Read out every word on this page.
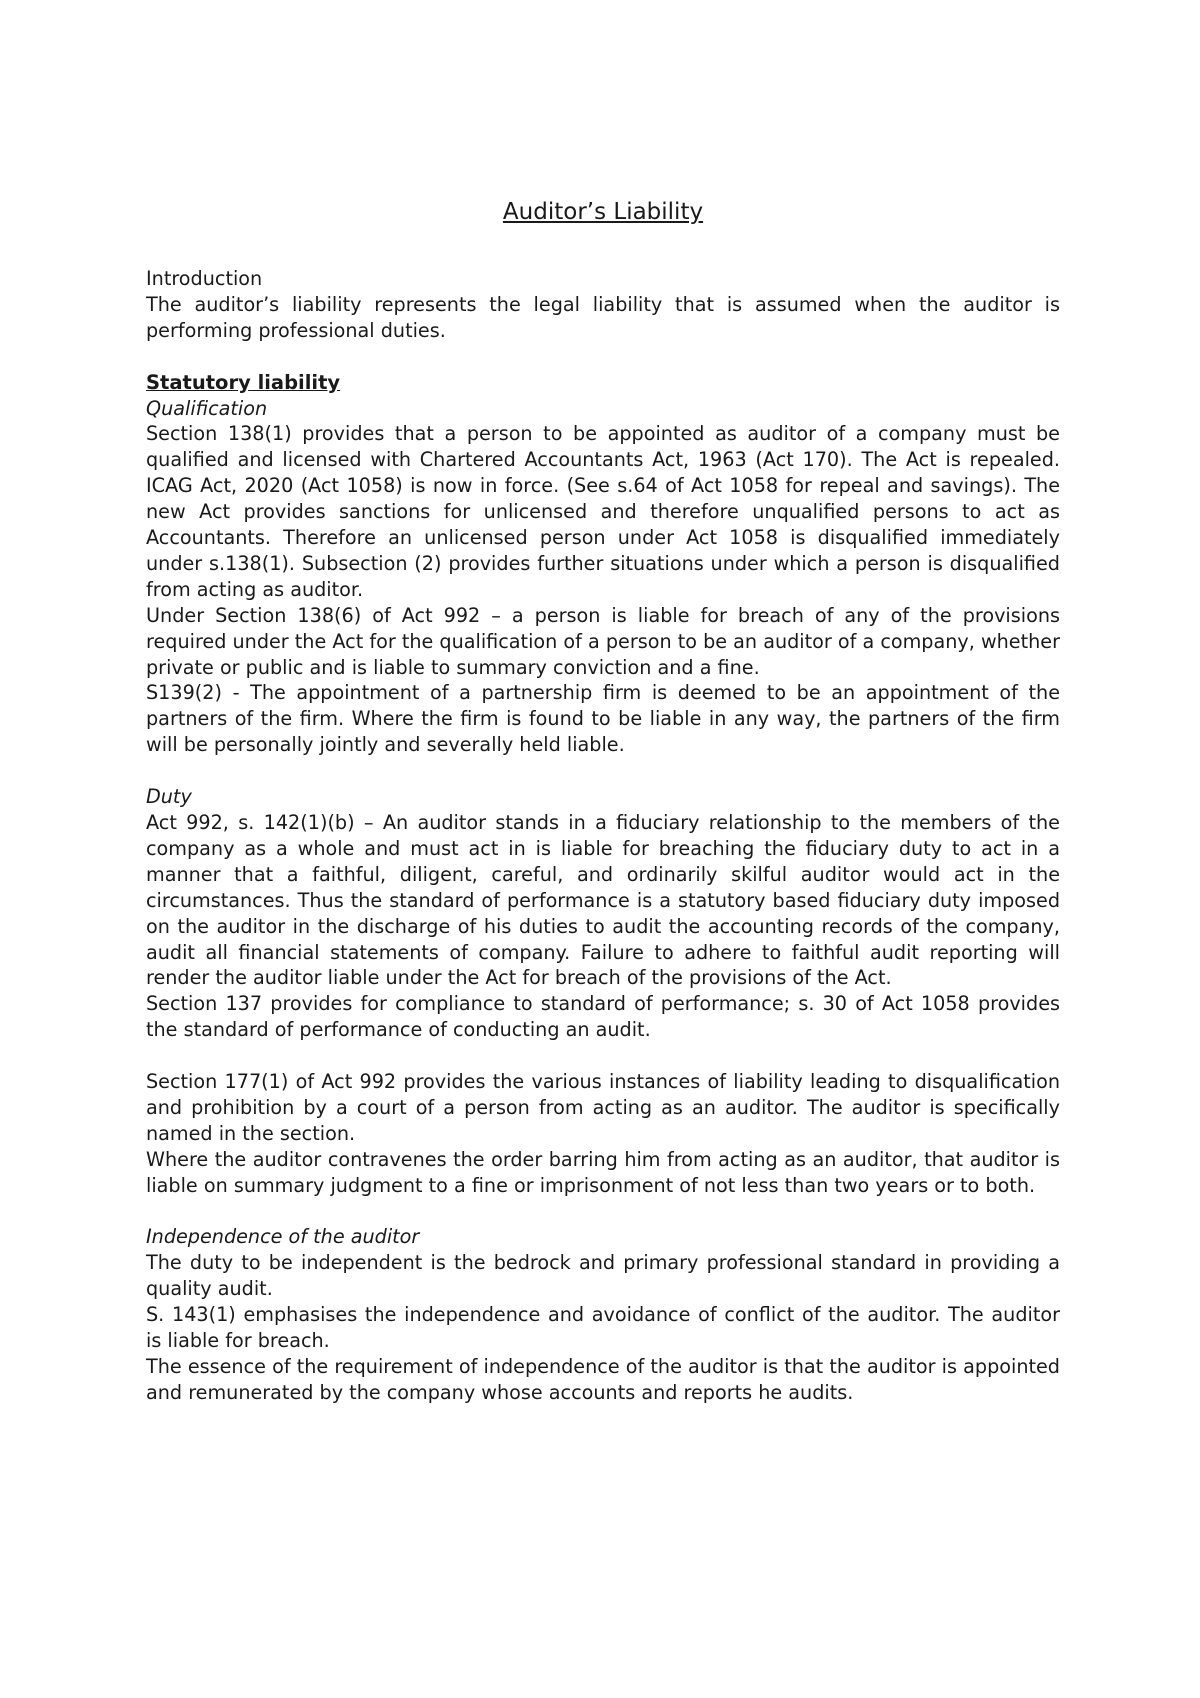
Auditor’s Liability

Introduction

The auditor’s liability represents the legal liability that is assumed when the auditor is performing professional duties.

Statutory liability

Qualification

Section 138(1) provides that a person to be appointed as auditor of a company must be qualified and licensed with Chartered Accountants Act, 1963 (Act 170). The Act is repealed. ICAG Act, 2020 (Act 1058) is now in force. (See s.64 of Act 1058 for repeal and savings). The new Act provides sanctions for unlicensed and therefore unqualified persons to act as Accountants. Therefore an unlicensed person under Act 1058 is disqualified immediately under s.138(1). Subsection (2) provides further situations under which a person is disqualified from acting as auditor.

Under Section 138(6) of Act 992 – a person is liable for breach of any of the provisions required under the Act for the qualification of a person to be an auditor of a company, whether private or public and is liable to summary conviction and a fine.

S139(2) - The appointment of a partnership firm is deemed to be an appointment of the partners of the firm. Where the firm is found to be liable in any way, the partners of the firm will be personally jointly and severally held liable.

Duty

Act 992, s. 142(1)(b) – An auditor stands in a fiduciary relationship to the members of the company as a whole and must act in is liable for breaching the fiduciary duty to act in a manner that a faithful, diligent, careful, and ordinarily skilful auditor would act in the circumstances. Thus the standard of performance is a statutory based fiduciary duty imposed on the auditor in the discharge of his duties to audit the accounting records of the company, audit all financial statements of company. Failure to adhere to faithful audit reporting will render the auditor liable under the Act for breach of the provisions of the Act.

Section 137 provides for compliance to standard of performance; s. 30 of Act 1058 provides the standard of performance of conducting an audit.

Section 177(1) of Act 992 provides the various instances of liability leading to disqualification and prohibition by a court of a person from acting as an auditor. The auditor is specifically named in the section.

Where the auditor contravenes the order barring him from acting as an auditor, that auditor is liable on summary judgment to a fine or imprisonment of not less than two years or to both.

Independence of the auditor

The duty to be independent is the bedrock and primary professional standard in providing a quality audit.

S. 143(1) emphasises the independence and avoidance of conflict of the auditor. The auditor is liable for breach.

The essence of the requirement of independence of the auditor is that the auditor is appointed and remunerated by the company whose accounts and reports he audits.
